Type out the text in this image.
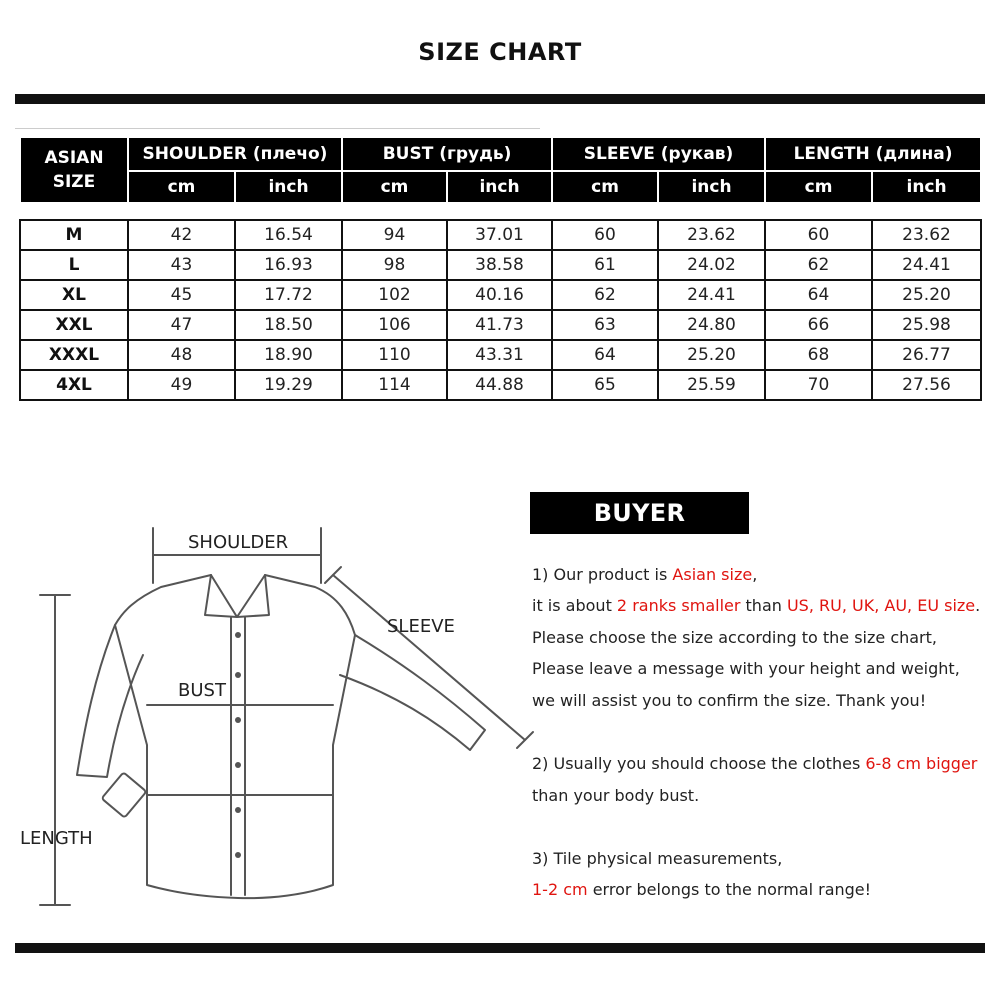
SIZE CHART
ASIAN
SIZE	SHOULDER (плечо)		BUST (грудь)		SLEEVE (рукав)		LENGTH (длина)	
	cm	inch	cm	inch	cm	inch	cm	inch
M	42	16.54	94	37.01	60	23.62	60	23.62
L	43	16.93	98	38.58	61	24.02	62	24.41
XL	45	17.72	102	40.16	62	24.41	64	25.20
XXL	47	18.50	106	41.73	63	24.80	66	25.98
XXXL	48	18.90	110	43.31	64	25.20	68	26.77
4XL	49	19.29	114	44.88	65	25.59	70	27.56
SHOULDER
SLEEVE
BUST
LENGTH
BUYER READING
1) Our product is Asian size,
it is about 2 ranks smaller than US, RU, UK, AU, EU size.
Please choose the size according to the size chart,
Please leave a message with your height and weight,
we will assist you to confirm the size. Thank you!
2) Usually you should choose the clothes 6-8 cm bigger
than your body bust.
3) Tile physical measurements,
1-2 cm error belongs to the normal range!
